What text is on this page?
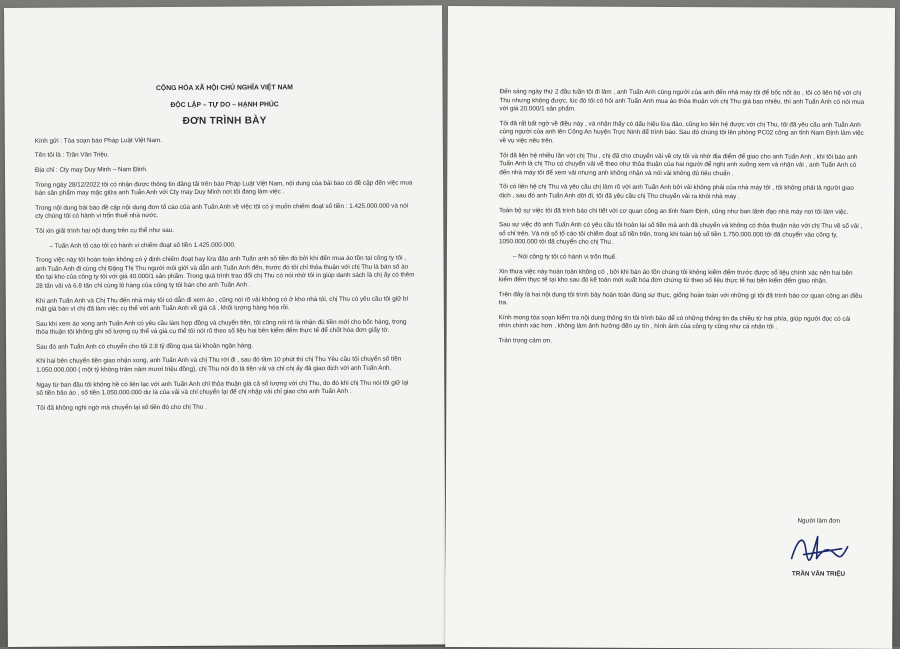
CỘNG HÒA XÃ HỘI CHỦ NGHĨA VIỆT NAM
ĐỘC LẬP – TỰ DO – HẠNH PHÚC
ĐƠN TRÌNH BÀY

Kính gửi : Tòa soạn báo Pháp Luật Việt Nam.

Tên tôi là : Trần Văn Triệu.

Địa chỉ : Cty may Duy Minh – Nam Định.

Trong ngày 28/12/2022 tôi có nhận được thông tin đăng tải trên báo Pháp Luật Việt Nam, nội dung của bài báo có đề cập đến việc mua bán sản phẩm may mặc giữa anh Tuấn Anh với Cty may Duy Minh nơi tôi đang làm việc .

Trong nội dung bài báo đề cập nội dung đơn tố cáo của anh Tuấn Anh về việc tôi có ý muốn chiếm đoạt số tiền : 1.425.000.000 và nói cty chúng tôi có hành vi trốn thuế nhà nước.

Tôi xin giải trình hai nội dung trên cụ thể như sau.

– Tuấn Anh tố cáo tôi có hành vi chiếm đoạt số tiền 1.425.000.000.

Trong việc này tôi hoàn toàn không có ý định chiếm đoạt hay lừa đảo anh Tuấn anh số tiền đó bởi khi đến mua áo tồn tại công ty tôi , anh Tuấn Anh đi cùng chị Đặng Thị Thu người môi giới và dẫn anh Tuấn Anh đến, trước đó tôi chỉ thỏa thuận với chị Thu là bán số áo tồn tại kho của công ty tôi với giá 40.000/1 sản phẩm. Trong quá trình trao đổi chị Thu có nói nhờ tôi in giúp danh sách là chị ấy có thêm 28 tấn vải và 6.8 tấn chỉ cùng lô hàng của công ty tôi bán cho anh Tuấn Anh .

Khi anh Tuấn Anh và Chị Thu đến nhà máy tôi có dẫn đi xem áo , cũng nói rõ vải không có ở kho nhà tôi, chị Thu có yêu cầu tôi giữ bí mật giá bán vì chị đã làm việc cụ thể với anh Tuấn Anh về giá cả , khối lượng hàng hóa rồi.

Sau khi xem áo xong anh Tuấn Anh có yêu cầu làm hợp đồng và chuyển tiền, tôi cũng nói rõ là nhận đủ tiền mới cho bốc hàng, trong thỏa thuận tôi không ghi số lượng cụ thể và giá cụ thể tôi nói rõ theo số liệu hai bên kiểm đếm thực tế để chốt hóa đơn giấy tờ.

Sau đó anh Tuấn Anh có chuyển cho tôi 2.8 tỷ đồng qua tài khoản ngân hàng.

Khi hai bên chuyển tiền giao nhận xong, anh Tuấn Anh và chị Thu rời đi , sau đó tầm 10 phút thì chị Thu Yêu cầu tôi chuyển số tiền 1.050.000.000 ( một tỷ không trăm năm mươi triệu đồng), chị Thu nói đó là tiền vải và chỉ chị ấy đã giao dịch với anh Tuấn Anh.

Ngay từ ban đầu tôi không hề có liên lạc với anh Tuấn Anh chỉ thỏa thuận giá cả số lượng với chị Thu, do đó khi chị Thu nói tôi giữ lại số tiền bảo áo , số tiền 1.050.000.000 dư là của vải và chỉ chuyển lại để chị nhập vải chỉ giao cho anh Tuấn Anh .

Tôi đã không nghi ngờ mà chuyển lại số tiền đó cho chị Thu .

Đến sáng ngày thứ 2 đầu tuần tôi đi làm , anh Tuấn Anh cùng người của anh đến nhà máy tôi để bốc nốt áo , tôi có liên hệ với chị Thu nhưng không được, lúc đó tôi có hỏi anh Tuấn Anh mua áo thỏa thuận với chị Thu giá bao nhiêu, thì anh Tuấn Anh có nói mua với giá 20.000/1 sản phẩm.

Tôi đã rất bất ngờ về điều này , và nhận thấy có dấu hiệu lừa đảo, cũng ko liên hệ được với chị Thu, tôi đã yêu cầu anh Tuấn Anh cùng người của anh lên Công An huyện Trực Ninh để trình báo. Sau đó chúng tôi lên phòng PC02 công an tỉnh Nam Định làm việc về vụ việc nêu trên.

Tôi đã liên hệ nhiều lần với chị Thu , chị đã cho chuyển vải về cty tôi và nhờ địa điểm để giao cho anh Tuấn Anh , khi tôi báo anh Tuấn Anh là chị Thu có chuyển vải về theo như thỏa thuận của hai người để nghị anh xuống xem và nhận vải , anh Tuấn Anh có đến nhà máy tôi để xem vải nhưng anh không nhận và nói vải không đủ tiêu chuẩn .

Tôi có liên hệ chị Thu và yêu cầu chị làm rõ với anh Tuấn Anh bởi vải không phải của nhà máy tôi , tôi không phải là người giao dịch , sau đó anh Tuấn Anh dời đi, tôi đã yêu cầu chị Thu chuyển vải ra khỏi nhà máy .

Toàn bộ sự việc tôi đã trình báo chi tiết với cơ quan công an tỉnh Nam Định, cũng như ban lãnh đạo nhà máy nơi tôi làm việc.

Sau sự việc đó anh Tuấn Anh có yêu cầu tôi hoàn lại số tiền mà anh đã chuyển và không có thỏa thuận nào với chị Thu về số vải , số chỉ trên. Và nói số tố cáo tôi chiếm đoạt số tiền trên, trong khi toàn bộ số tiền 1.750.000.000 tôi đã chuyển vào công ty, 1050.000.000 tôi đã chuyển cho chị Thu .

– Nói công ty tôi có hành vi trốn thuế.

Xin thưa việc này hoàn toàn không có , bởi khi bán áo tồn chúng tôi không kiểm đếm trước được số liệu chính xác nên hai bên kiểm đếm thực tế tại kho sau đó kế toán mới xuất hóa đơn chứng từ theo số liệu thực tế hai bên kiểm đếm giao nhận.

Trên đây là hai nội dung tôi trình bày hoàn toàn đúng sự thực, giống hoàn toàn với những gì tôi đã trình báo cơ quan công an điều tra.

Kính mong tòa soạn kiểm tra nội dung thông tin tôi trình báo để có những thông tin đa chiều từ hai phía, giúp người đọc có cái nhìn chính xác hơn , không làm ảnh hưởng đến uy tín , hình ảnh của công ty cũng như cá nhân tôi .

Trân trọng cảm ơn.

Người làm đơn
TRẦN VĂN TRIỆU
